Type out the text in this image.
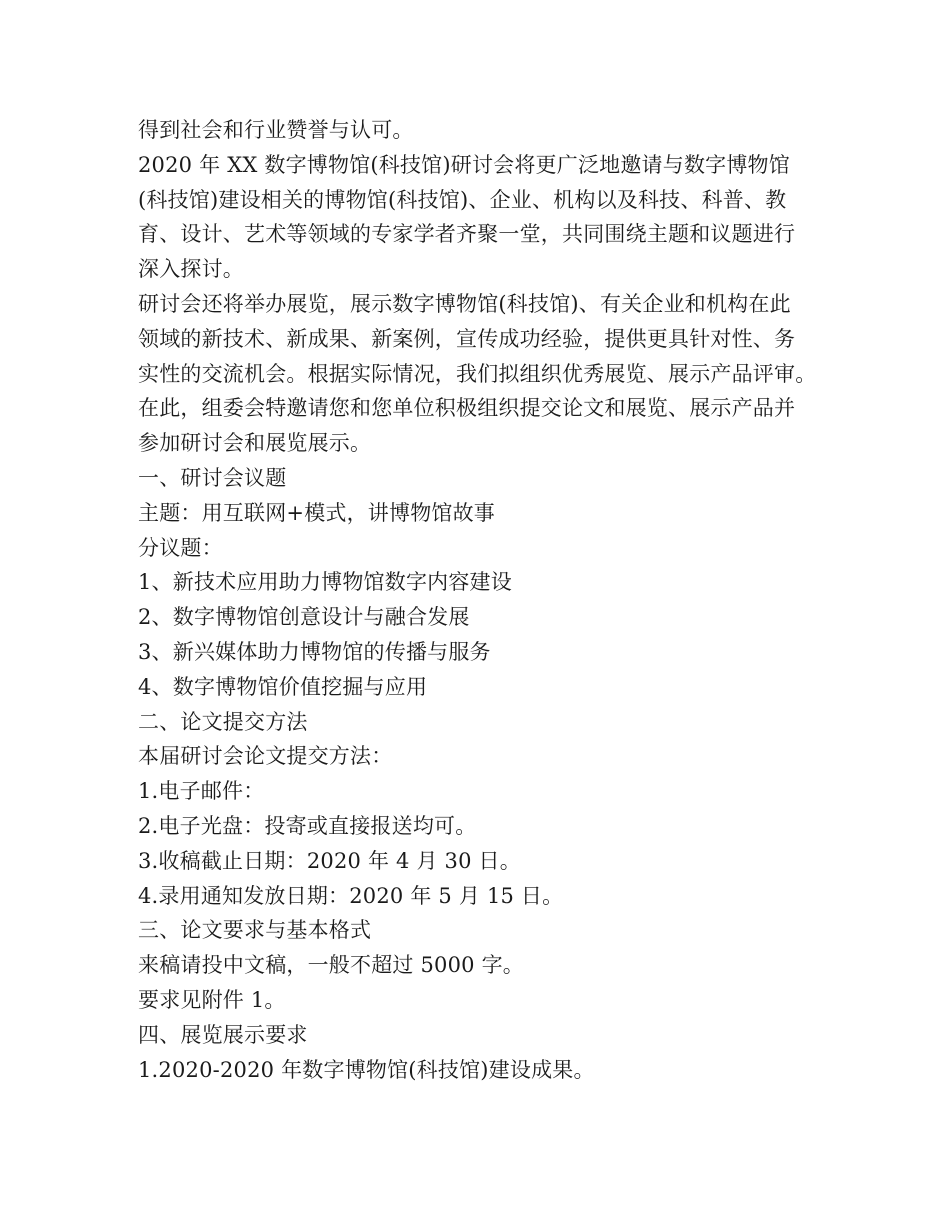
得到社会和行业赞誉与认可。
2020 年 XX 数字博物馆(科技馆)研讨会将更广泛地邀请与数字博物馆
(科技馆)建设相关的博物馆(科技馆)、企业、机构以及科技、科普、教
育、设计、艺术等领域的专家学者齐聚一堂，共同围绕主题和议题进行
深入探讨。
研讨会还将举办展览，展示数字博物馆(科技馆)、有关企业和机构在此
领域的新技术、新成果、新案例，宣传成功经验，提供更具针对性、务
实性的交流机会。根据实际情况，我们拟组织优秀展览、展示产品评审。
在此，组委会特邀请您和您单位积极组织提交论文和展览、展示产品并
参加研讨会和展览展示。
一、研讨会议题
主题：用互联网+模式，讲博物馆故事
分议题：
1、新技术应用助力博物馆数字内容建设
2、数字博物馆创意设计与融合发展
3、新兴媒体助力博物馆的传播与服务
4、数字博物馆价值挖掘与应用
二、论文提交方法
本届研讨会论文提交方法：
1.电子邮件：
2.电子光盘：投寄或直接报送均可。
3.收稿截止日期：2020 年 4 月 30 日。
4.录用通知发放日期：2020 年 5 月 15 日。
三、论文要求与基本格式
来稿请投中文稿，一般不超过 5000 字。
要求见附件 1。
四、展览展示要求
1.2020-2020 年数字博物馆(科技馆)建设成果。
